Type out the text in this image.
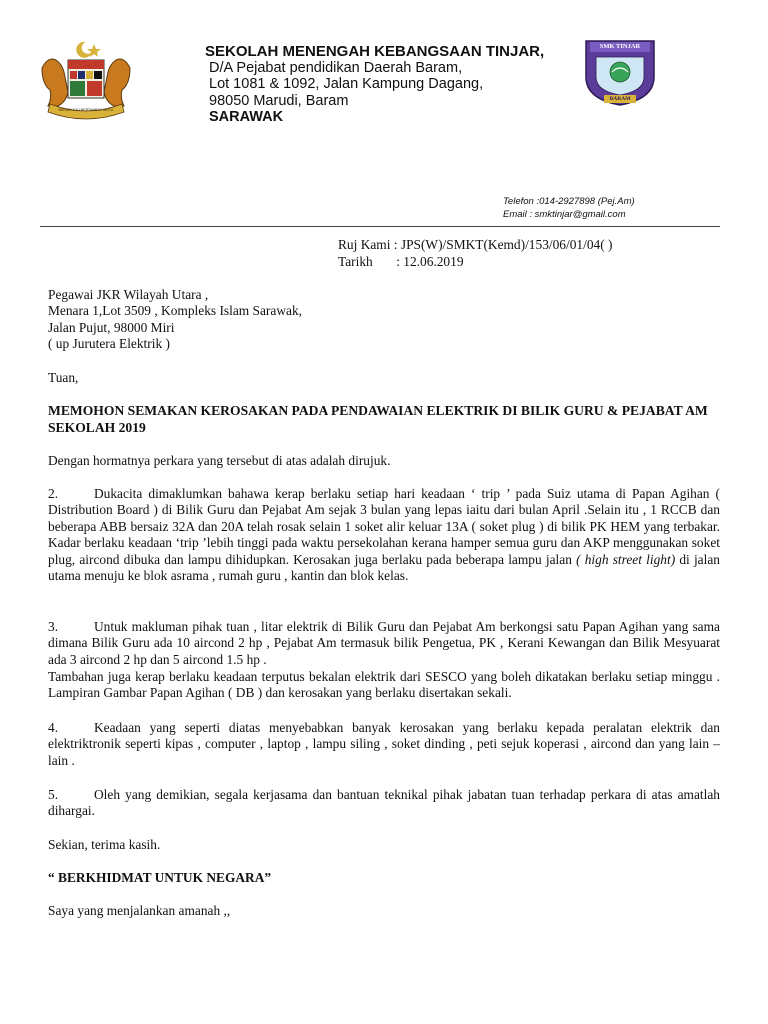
BERSEKUTU BERTAMBAH MUTU
SEKOLAH MENENGAH KEBANGSAAN TINJAR,
D/A Pejabat pendidikan Daerah Baram,
Lot 1081 & 1092, Jalan Kampung Dagang,
98050 Marudi, Baram
SARAWAK
SMK TINJAR
BARAM
Telefon :014-2927898 (Pej.Am)
Email : smktinjar@gmail.com
Ruj Kami : JPS(W)/SMKT(Kemd)/153/06/01/04( )
Tarikh       : 12.06.2019
Pegawai JKR Wilayah Utara ,
Menara 1,Lot 3509 , Kompleks Islam Sarawak,
Jalan Pujut, 98000 Miri
( up Jurutera Elektrik )
Tuan,
MEMOHON SEMAKAN KEROSAKAN PADA PENDAWAIAN ELEKTRIK DI BILIK GURU & PEJABAT AM SEKOLAH 2019
Dengan hormatnya perkara yang tersebut di atas adalah dirujuk.
2.	Dukacita dimaklumkan bahawa kerap berlaku setiap hari keadaan ‘ trip ’ pada Suiz utama di Papan Agihan ( Distribution Board ) di Bilik Guru dan Pejabat Am sejak 3 bulan yang lepas iaitu dari bulan April .Selain itu , 1 RCCB dan beberapa ABB bersaiz 32A dan 20A telah rosak selain 1 soket alir keluar 13A ( soket plug ) di bilik PK HEM yang terbakar. Kadar berlaku keadaan ‘trip ’lebih tinggi pada waktu persekolahan kerana hamper semua guru dan AKP menggunakan soket plug, aircond dibuka dan lampu dihidupkan. Kerosakan juga berlaku pada beberapa lampu jalan ( high street light) di jalan utama menuju ke blok asrama , rumah guru , kantin dan blok kelas.
3.	Untuk makluman pihak tuan , litar elektrik di Bilik Guru dan Pejabat Am berkongsi satu Papan Agihan yang sama dimana Bilik Guru ada 10 aircond 2 hp , Pejabat Am termasuk bilik Pengetua, PK , Kerani Kewangan dan Bilik Mesyuarat ada 3 aircond 2 hp dan 5 aircond 1.5 hp .
Tambahan juga kerap berlaku keadaan terputus bekalan elektrik dari SESCO yang boleh dikatakan berlaku setiap minggu . Lampiran Gambar Papan Agihan ( DB ) dan kerosakan yang berlaku disertakan sekali.
4.	Keadaan yang seperti diatas menyebabkan banyak kerosakan yang berlaku kepada peralatan elektrik dan elektriktronik seperti kipas , computer , laptop , lampu siling , soket dinding , peti sejuk koperasi , aircond dan yang lain – lain .
5.	Oleh yang demikian, segala kerjasama dan bantuan teknikal pihak jabatan tuan terhadap perkara di atas amatlah dihargai.
Sekian, terima kasih.
“ BERKHIDMAT UNTUK NEGARA”
Saya yang menjalankan amanah ,,
